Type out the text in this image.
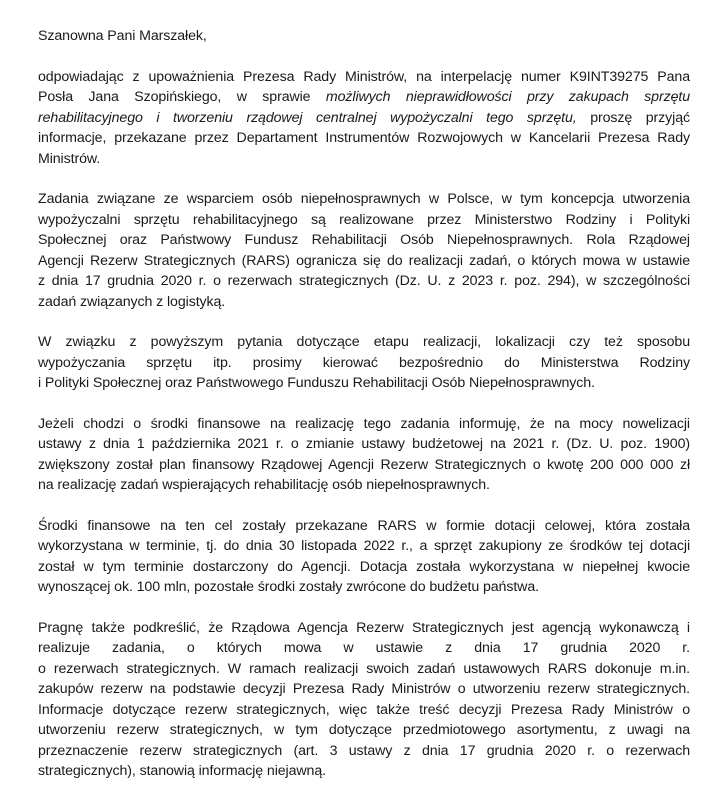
Szanowna Pani Marszałek,
odpowiadając z upoważnienia Prezesa Rady Ministrów, na interpelację numer K9INT39275 Pana
Posła Jana Szopińskiego, w sprawie możliwych nieprawidłowości przy zakupach sprzętu
rehabilitacyjnego i tworzeniu rządowej centralnej wypożyczalni tego sprzętu, proszę przyjąć
informacje, przekazane przez Departament Instrumentów Rozwojowych w Kancelarii Prezesa Rady
Ministrów.
Zadania związane ze wsparciem osób niepełnosprawnych w Polsce, w tym koncepcja utworzenia
wypożyczalni sprzętu rehabilitacyjnego są realizowane przez Ministerstwo Rodziny i Polityki
Społecznej oraz Państwowy Fundusz Rehabilitacji Osób Niepełnosprawnych. Rola Rządowej
Agencji Rezerw Strategicznych (RARS) ogranicza się do realizacji zadań, o których mowa w ustawie
z dnia 17 grudnia 2020 r. o rezerwach strategicznych (Dz. U. z 2023 r. poz. 294), w szczególności
zadań związanych z logistyką.
W związku z powyższym pytania dotyczące etapu realizacji, lokalizacji czy też sposobu
wypożyczania sprzętu itp. prosimy kierować bezpośrednio do Ministerstwa Rodziny
i Polityki Społecznej oraz Państwowego Funduszu Rehabilitacji Osób Niepełnosprawnych.
Jeżeli chodzi o środki finansowe na realizację tego zadania informuję, że na mocy nowelizacji
ustawy z dnia 1 października 2021 r. o zmianie ustawy budżetowej na 2021 r. (Dz. U. poz. 1900)
zwiększony został plan finansowy Rządowej Agencji Rezerw Strategicznych o kwotę 200 000 000 zł
na realizację zadań wspierających rehabilitację osób niepełnosprawnych.
Środki finansowe na ten cel zostały przekazane RARS w formie dotacji celowej, która została
wykorzystana w terminie, tj. do dnia 30 listopada 2022 r., a sprzęt zakupiony ze środków tej dotacji
został w tym terminie dostarczony do Agencji. Dotacja została wykorzystana w niepełnej kwocie
wynoszącej ok. 100 mln, pozostałe środki zostały zwrócone do budżetu państwa.
Pragnę także podkreślić, że Rządowa Agencja Rezerw Strategicznych jest agencją wykonawczą i
realizuje zadania, o których mowa w ustawie z dnia 17 grudnia 2020 r.
o rezerwach strategicznych. W ramach realizacji swoich zadań ustawowych RARS dokonuje m.in.
zakupów rezerw na podstawie decyzji Prezesa Rady Ministrów o utworzeniu rezerw strategicznych.
Informacje dotyczące rezerw strategicznych, więc także treść decyzji Prezesa Rady Ministrów o
utworzeniu rezerw strategicznych, w tym dotyczące przedmiotowego asortymentu, z uwagi na
przeznaczenie rezerw strategicznych (art. 3 ustawy z dnia 17 grudnia 2020 r. o rezerwach
strategicznych), stanowią informację niejawną.
